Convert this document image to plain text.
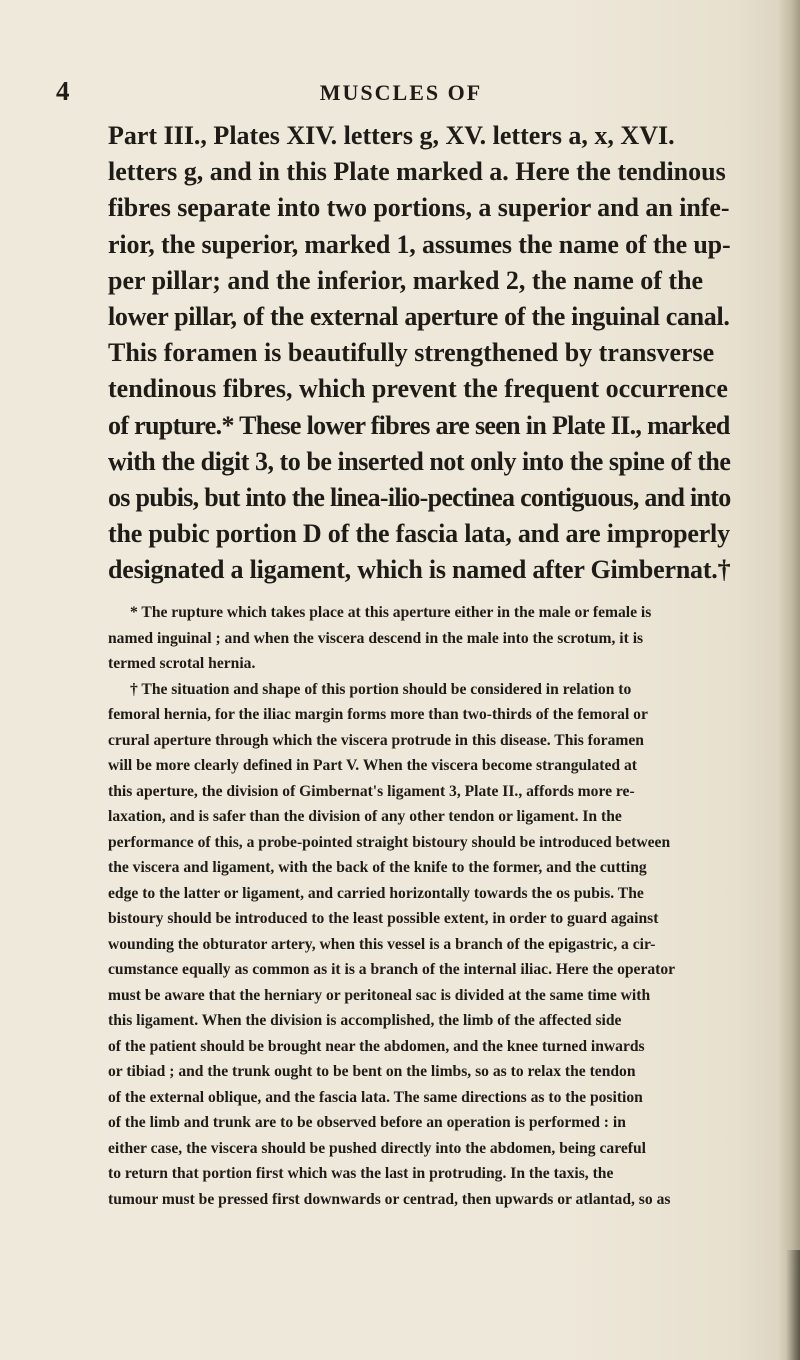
4	MUSCLES OF
Part III., Plates XIV. letters g, XV. letters a, x, XVI.
letters g, and in this Plate marked a. Here the tendinous
fibres separate into two portions, a superior and an infe-
rior, the superior, marked 1, assumes the name of the up-
per pillar; and the inferior, marked 2, the name of the
lower pillar, of the external aperture of the inguinal canal.
This foramen is beautifully strengthened by transverse
tendinous fibres, which prevent the frequent occurrence
of rupture.* These lower fibres are seen in Plate II., marked
with the digit 3, to be inserted not only into the spine of the
os pubis, but into the linea-ilio-pectinea contiguous, and into
the pubic portion D of the fascia lata, and are improperly
designated a ligament, which is named after Gimbernat.†
* The rupture which takes place at this aperture either in the male or female is
named inguinal ; and when the viscera descend in the male into the scrotum, it is
termed scrotal hernia.
† The situation and shape of this portion should be considered in relation to
femoral hernia, for the iliac margin forms more than two-thirds of the femoral or
crural aperture through which the viscera protrude in this disease. This foramen
will be more clearly defined in Part V. When the viscera become strangulated at
this aperture, the division of Gimbernat's ligament 3, Plate II., affords more re-
laxation, and is safer than the division of any other tendon or ligament. In the
performance of this, a probe-pointed straight bistoury should be introduced between
the viscera and ligament, with the back of the knife to the former, and the cutting
edge to the latter or ligament, and carried horizontally towards the os pubis. The
bistoury should be introduced to the least possible extent, in order to guard against
wounding the obturator artery, when this vessel is a branch of the epigastric, a cir-
cumstance equally as common as it is a branch of the internal iliac. Here the operator
must be aware that the herniary or peritoneal sac is divided at the same time with
this ligament. When the division is accomplished, the limb of the affected side
of the patient should be brought near the abdomen, and the knee turned inwards
or tibiad ; and the trunk ought to be bent on the limbs, so as to relax the tendon
of the external oblique, and the fascia lata. The same directions as to the position
of the limb and trunk are to be observed before an operation is performed : in
either case, the viscera should be pushed directly into the abdomen, being careful
to return that portion first which was the last in protruding. In the taxis, the
tumour must be pressed first downwards or centrad, then upwards or atlantad, so as
